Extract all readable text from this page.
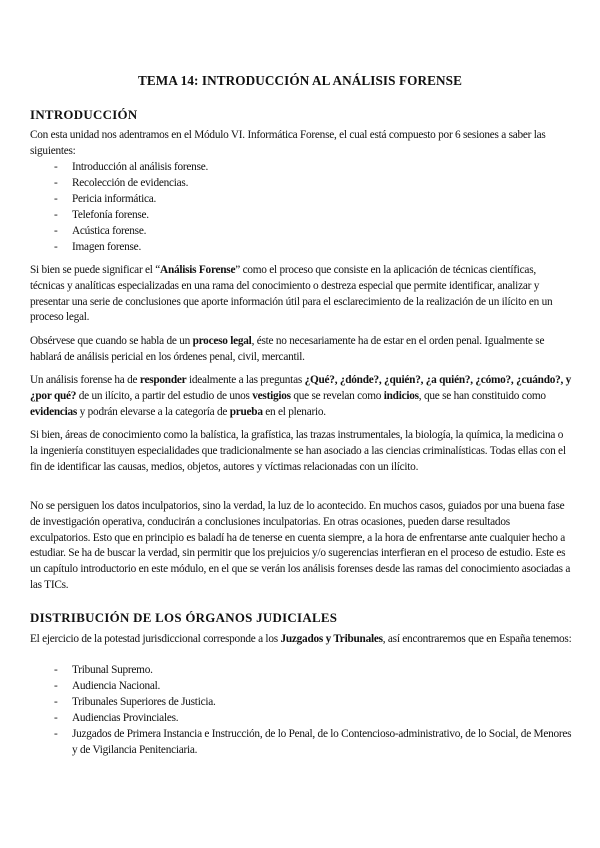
TEMA 14: INTRODUCCIÓN AL ANÁLISIS FORENSE
INTRODUCCIÓN

Con esta unidad nos adentramos en el Módulo VI. Informática Forense, el cual está compuesto por 6 sesiones a saber las siguientes:

- Introducción al análisis forense.
- Recolección de evidencias.
- Pericia informática.
- Telefonía forense.
- Acústica forense.
- Imagen forense.

Si bien se puede significar el “Análisis Forense” como el proceso que consiste en la aplicación de técnicas científicas, técnicas y analíticas especializadas en una rama del conocimiento o destreza especial que permite identificar, analizar y presentar una serie de conclusiones que aporte información útil para el esclarecimiento de la realización de un ilícito en un proceso legal.

Obsérvese que cuando se habla de un proceso legal, éste no necesariamente ha de estar en el orden penal. Igualmente se hablará de análisis pericial en los órdenes penal, civil, mercantil.

Un análisis forense ha de responder idealmente a las preguntas ¿Qué?, ¿dónde?, ¿quién?, ¿a quién?, ¿cómo?, ¿cuándo?, y ¿por qué? de un ilícito, a partir del estudio de unos vestigios que se revelan como indicios, que se han constituido como evidencias y podrán elevarse a la categoría de prueba en el plenario.

Si bien, áreas de conocimiento como la balística, la grafística, las trazas instrumentales, la biología, la química, la medicina o la ingeniería constituyen especialidades que tradicionalmente se han asociado a las ciencias criminalísticas. Todas ellas con el fin de identificar las causas, medios, objetos, autores y víctimas relacionadas con un ilícito.

No se persiguen los datos inculpatorios, sino la verdad, la luz de lo acontecido. En muchos casos, guiados por una buena fase de investigación operativa, conducirán a conclusiones inculpatorias. En otras ocasiones, pueden darse resultados exculpatorios. Esto que en principio es baladí ha de tenerse en cuenta siempre, a la hora de enfrentarse ante cualquier hecho a estudiar. Se ha de buscar la verdad, sin permitir que los prejuicios y/o sugerencias interfieran en el proceso de estudio. Este es un capítulo introductorio en este módulo, en el que se verán los análisis forenses desde las ramas del conocimiento asociadas a las TICs.

DISTRIBUCIÓN DE LOS ÓRGANOS JUDICIALES

El ejercicio de la potestad jurisdiccional corresponde a los Juzgados y Tribunales, así encontraremos que en España tenemos:

- Tribunal Supremo.
- Audiencia Nacional.
- Tribunales Superiores de Justicia.
- Audiencias Provinciales.
- Juzgados de Primera Instancia e Instrucción, de lo Penal, de lo Contencioso-administrativo, de lo Social, de Menores y de Vigilancia Penitenciaria.
